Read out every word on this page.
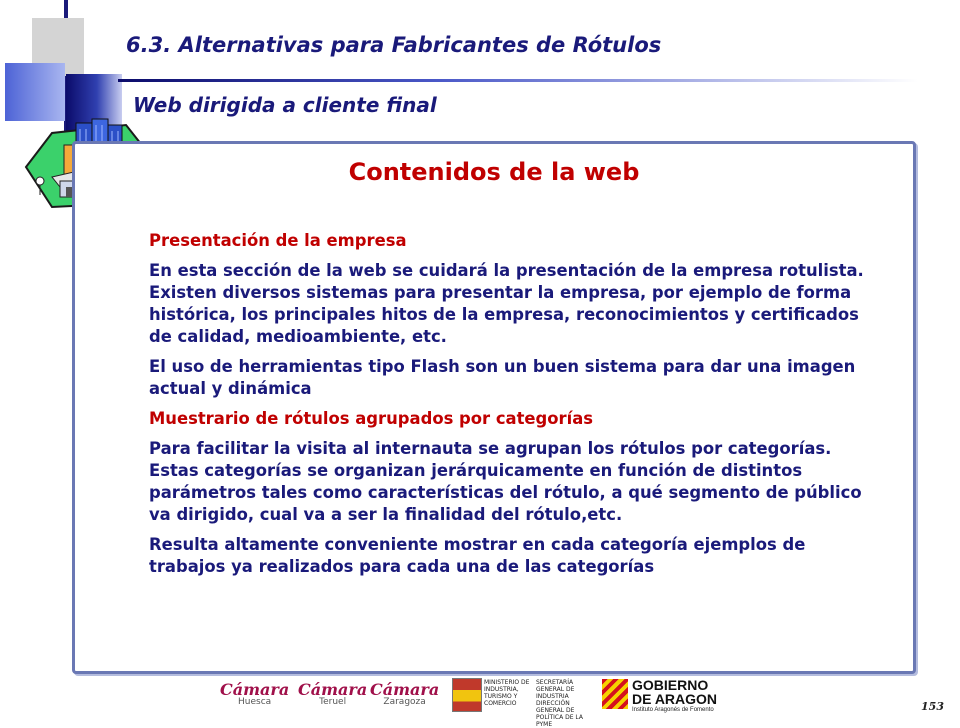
6.3. Alternativas para Fabricantes de Rótulos
Web dirigida a cliente final
Contenidos de la web

Presentación de la empresa

En esta sección de la web se cuidará la presentación de la empresa rotulista. Existen diversos sistemas para presentar la empresa, por ejemplo de forma histórica, los principales hitos de la empresa, reconocimientos y certificados de calidad, medioambiente, etc.

El uso de herramientas tipo Flash son un buen sistema para dar una imagen actual y dinámica

Muestrario de rótulos agrupados por categorías

Para facilitar la visita al internauta se agrupan los rótulos por categorías. Estas categorías se organizan jerárquicamente en función de distintos parámetros tales como características del rótulo, a qué segmento de público va dirigido, cual va a ser la finalidad del rótulo,etc.

Resulta altamente conveniente mostrar en cada categoría ejemplos de trabajos ya realizados para cada una de las categorías

Cámara
Huesca
Cámara
Teruel
Cámara
Zaragoza
MINISTERIO DE INDUSTRIA, TURISMO Y COMERCIO
SECRETARÍA GENERAL DE INDUSTRIA DIRECCIÓN GENERAL DE POLÍTICA DE LA PYME
GOBIERNO
DE ARAGON
Instituto Aragonés de Fomento	153
